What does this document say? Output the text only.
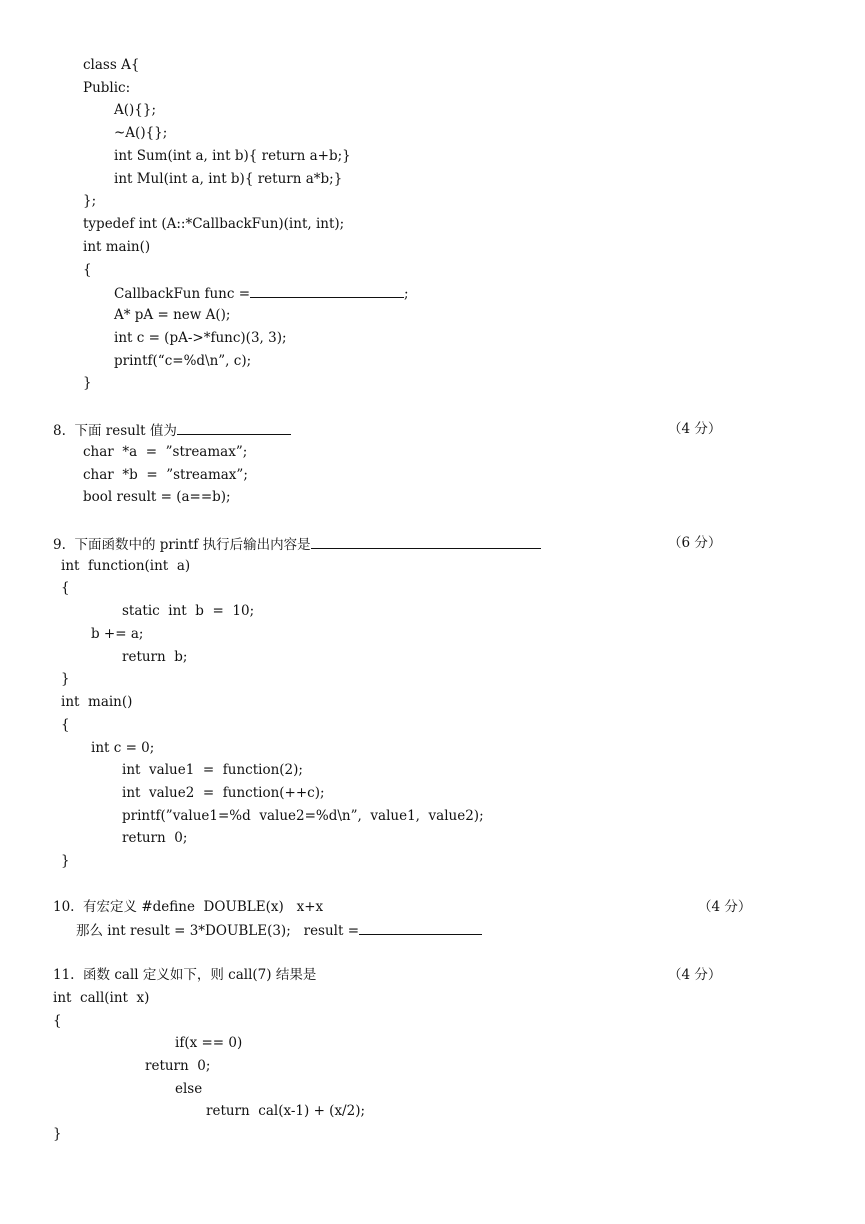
class A{
Public:
A(){};
~A(){};
int Sum(int a, int b){ return a+b;}
int Mul(int a, int b){ return a*b;}
};
typedef int (A::*CallbackFun)(int, int);
int main()
{
CallbackFun func =	;
A* pA = new A();
int c = (pA->*func)(3, 3);
printf(“c=%d\n”, c);
}
8.  下面 result 值为	（4 分）
char  *a  =  ”streamax”;
char  *b  =  ”streamax”;
bool result = (a==b);
9.  下面函数中的 printf 执行后输出内容是	（6 分）
int  function(int  a)
{
static  int  b  =  10;
b += a;
return  b;
}
int  main()
{
int c = 0;
int  value1  =  function(2);
int  value2  =  function(++c);
printf(”value1=%d  value2=%d\n”,  value1,  value2);
return  0;
}
10.  有宏定义 #define  DOUBLE(x)   x+x	（4 分）
那么 int result = 3*DOUBLE(3);   result =
11.  函数 call 定义如下，则 call(7) 结果是	（4 分）
int  call(int  x)
{
if(x == 0)
return  0;
else
return  cal(x-1) + (x/2);
}
